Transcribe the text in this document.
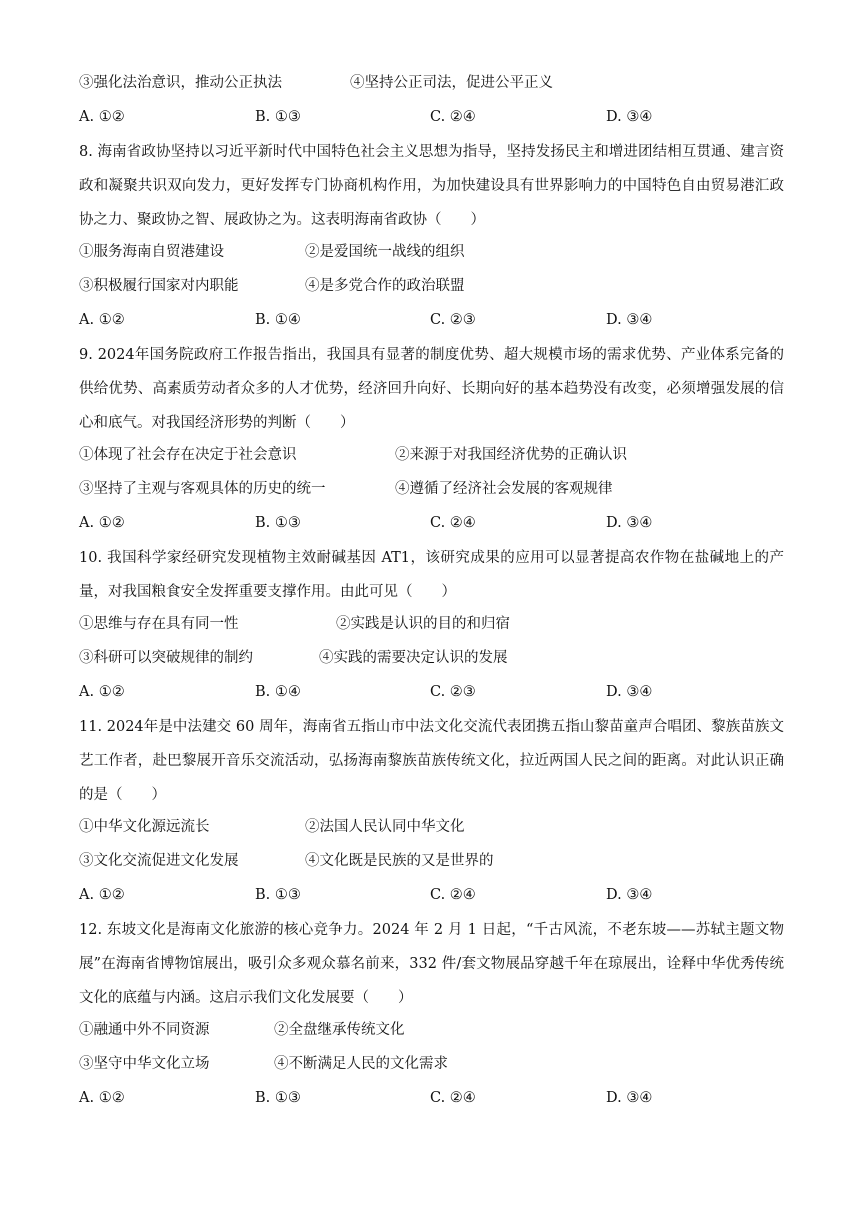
③强化法治意识，推动公正执法	④坚持公正司法，促进公平正义
A. ①②	B. ①③	C. ②④	D. ③④
8. 海南省政协坚持以习近平新时代中国特色社会主义思想为指导，坚持发扬民主和增进团结相互贯通、建言资政和凝聚共识双向发力，更好发挥专门协商机构作用，为加快建设具有世界影响力的中国特色自由贸易港汇政协之力、聚政协之智、展政协之为。这表明海南省政协（　　）
①服务海南自贸港建设	②是爱国统一战线的组织
③积极履行国家对内职能	④是多党合作的政治联盟
A. ①②	B. ①④	C. ②③	D. ③④
9. 2024年国务院政府工作报告指出，我国具有显著的制度优势、超大规模市场的需求优势、产业体系完备的供给优势、高素质劳动者众多的人才优势，经济回升向好、长期向好的基本趋势没有改变，必须增强发展的信心和底气。对我国经济形势的判断（　　）
①体现了社会存在决定于社会意识	②来源于对我国经济优势的正确认识
③坚持了主观与客观具体的历史的统一	④遵循了经济社会发展的客观规律
A. ①②	B. ①③	C. ②④	D. ③④
10. 我国科学家经研究发现植物主效耐碱基因 AT1，该研究成果的应用可以显著提高农作物在盐碱地上的产量，对我国粮食安全发挥重要支撑作用。由此可见（　　）
①思维与存在具有同一性	②实践是认识的目的和归宿
③科研可以突破规律的制约	④实践的需要决定认识的发展
A. ①②	B. ①④	C. ②③	D. ③④
11. 2024年是中法建交 60 周年，海南省五指山市中法文化交流代表团携五指山黎苗童声合唱团、黎族苗族文艺工作者，赴巴黎展开音乐交流活动，弘扬海南黎族苗族传统文化，拉近两国人民之间的距离。对此认识正确的是（　　）
①中华文化源远流长	②法国人民认同中华文化
③文化交流促进文化发展	④文化既是民族的又是世界的
A. ①②	B. ①③	C. ②④	D. ③④
12. 东坡文化是海南文化旅游的核心竞争力。2024 年 2 月 1 日起，“千古风流，不老东坡——苏轼主题文物展”在海南省博物馆展出，吸引众多观众慕名前来，332 件/套文物展品穿越千年在琼展出，诠释中华优秀传统文化的底蕴与内涵。这启示我们文化发展要（　　）
①融通中外不同资源	②全盘继承传统文化
③坚守中华文化立场	④不断满足人民的文化需求
A. ①②	B. ①③	C. ②④	D. ③④
